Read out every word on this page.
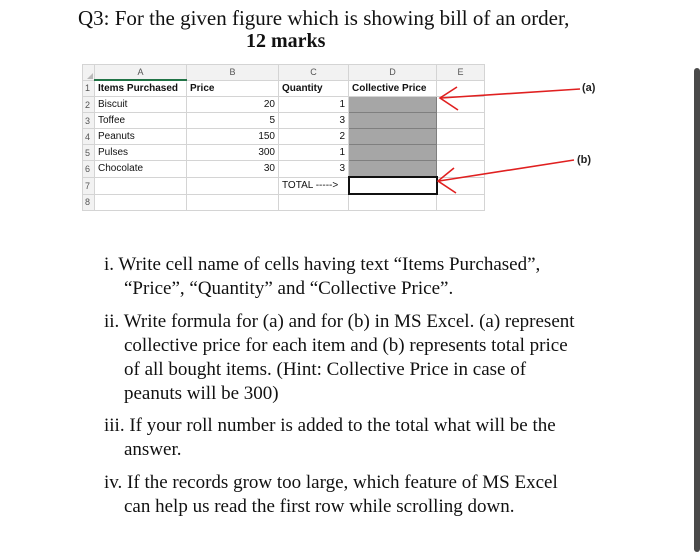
Q3: For the given figure which is showing bill of an order,
12 marks
	A	B	C	D	E
1	Items Purchased	Price	Quantity	Collective Price	
2	Biscuit	20	1		
3	Toffee	5	3		
4	Peanuts	150	2		
5	Pulses	300	1		
6	Chocolate	30	3		
7			TOTAL ----->		
8					
(a)
(b)
i. Write cell name of cells having text “Items Purchased”,
“Price”, “Quantity” and “Collective Price”.
ii. Write formula for (a) and for (b) in MS Excel. (a) represent
collective price for each item and (b) represents total price
of all bought items. (Hint: Collective Price in case of
peanuts will be 300)
iii. If your roll number is added to the total what will be the
answer.
iv. If the records grow too large, which feature of MS Excel
can help us read the first row while scrolling down.
